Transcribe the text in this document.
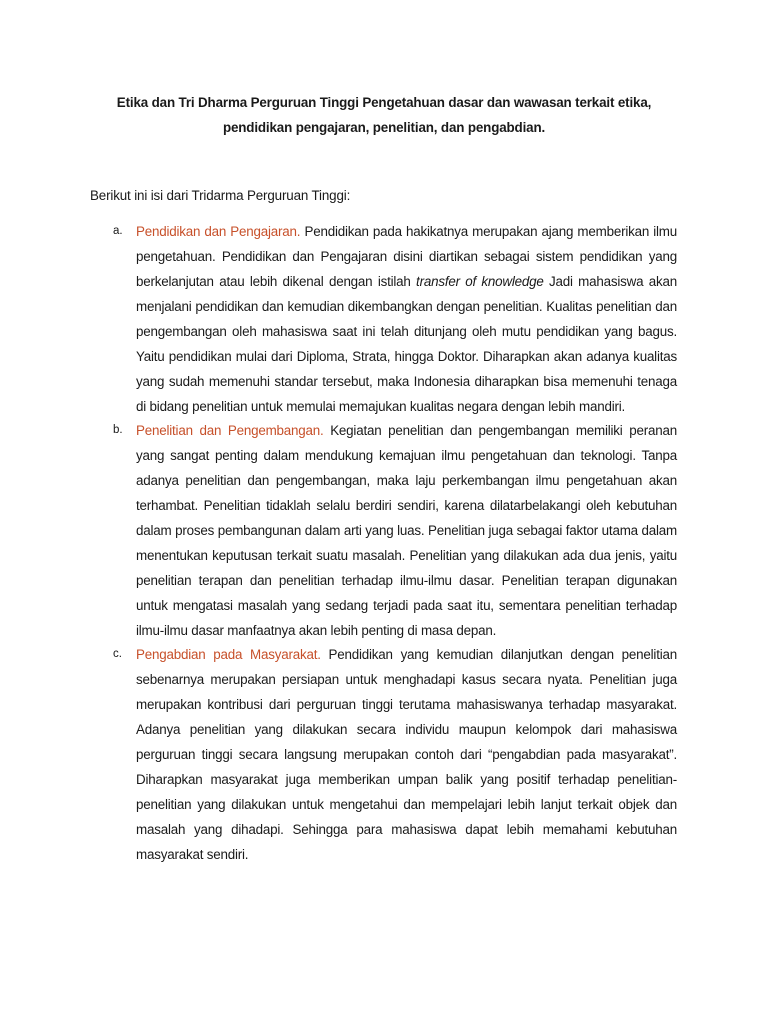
Etika dan Tri Dharma Perguruan Tinggi Pengetahuan dasar dan wawasan terkait etika, pendidikan pengajaran, penelitian, dan pengabdian.
Berikut ini isi dari Tridarma Perguruan Tinggi:
a. Pendidikan dan Pengajaran. Pendidikan pada hakikatnya merupakan ajang memberikan ilmu pengetahuan. Pendidikan dan Pengajaran disini diartikan sebagai sistem pendidikan yang berkelanjutan atau lebih dikenal dengan istilah transfer of knowledge Jadi mahasiswa akan menjalani pendidikan dan kemudian dikembangkan dengan penelitian. Kualitas penelitian dan pengembangan oleh mahasiswa saat ini telah ditunjang oleh mutu pendidikan yang bagus. Yaitu pendidikan mulai dari Diploma, Strata, hingga Doktor. Diharapkan akan adanya kualitas yang sudah memenuhi standar tersebut, maka Indonesia diharapkan bisa memenuhi tenaga di bidang penelitian untuk memulai memajukan kualitas negara dengan lebih mandiri.
b. Penelitian dan Pengembangan. Kegiatan penelitian dan pengembangan memiliki peranan yang sangat penting dalam mendukung kemajuan ilmu pengetahuan dan teknologi. Tanpa adanya penelitian dan pengembangan, maka laju perkembangan ilmu pengetahuan akan terhambat. Penelitian tidaklah selalu berdiri sendiri, karena dilatarbelakangi oleh kebutuhan dalam proses pembangunan dalam arti yang luas. Penelitian juga sebagai faktor utama dalam menentukan keputusan terkait suatu masalah. Penelitian yang dilakukan ada dua jenis, yaitu penelitian terapan dan penelitian terhadap ilmu-ilmu dasar. Penelitian terapan digunakan untuk mengatasi masalah yang sedang terjadi pada saat itu, sementara penelitian terhadap ilmu-ilmu dasar manfaatnya akan lebih penting di masa depan.
c. Pengabdian pada Masyarakat. Pendidikan yang kemudian dilanjutkan dengan penelitian sebenarnya merupakan persiapan untuk menghadapi kasus secara nyata. Penelitian juga merupakan kontribusi dari perguruan tinggi terutama mahasiswanya terhadap masyarakat. Adanya penelitian yang dilakukan secara individu maupun kelompok dari mahasiswa perguruan tinggi secara langsung merupakan contoh dari “pengabdian pada masyarakat”. Diharapkan masyarakat juga memberikan umpan balik yang positif terhadap penelitian-penelitian yang dilakukan untuk mengetahui dan mempelajari lebih lanjut terkait objek dan masalah yang dihadapi. Sehingga para mahasiswa dapat lebih memahami kebutuhan masyarakat sendiri.
